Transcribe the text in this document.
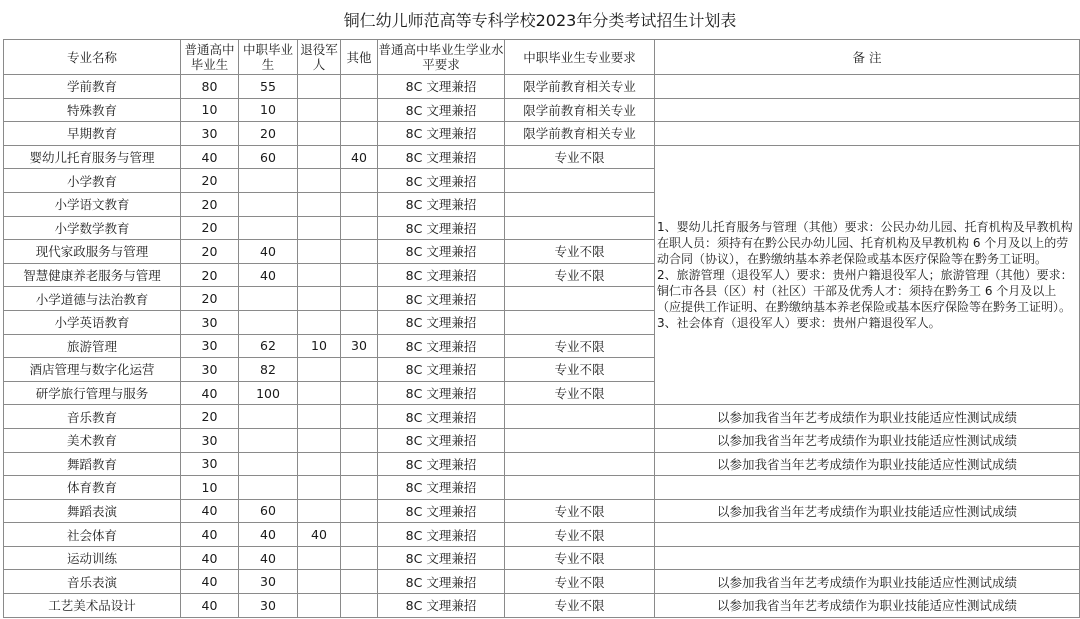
铜仁幼儿师范高等专科学校2023年分类考试招生计划表
专业名称	普通高中毕业生	中职毕业生	退役军人	其他	普通高中毕业生学业水平要求	中职毕业生专业要求	备 注
学前教育	80	55			8C 文理兼招	限学前教育相关专业	
特殊教育	10	10			8C 文理兼招	限学前教育相关专业	
早期教育	30	20			8C 文理兼招	限学前教育相关专业	
婴幼儿托育服务与管理	40	60		40	8C 文理兼招	专业不限	1、婴幼儿托育服务与管理（其他）要求：公民办幼儿园、托育机构及早教机构在职人员：须持有在黔公民办幼儿园、托育机构及早教机构 6 个月及以上的劳动合同（协议），在黔缴纳基本养老保险或基本医疗保险等在黔务工证明。

2、旅游管理（退役军人）要求：贵州户籍退役军人；旅游管理（其他）要求：铜仁市各县（区）村（社区）干部及优秀人才：须持在黔务工 6 个月及以上（应提供工作证明、在黔缴纳基本养老保险或基本医疗保险等在黔务工证明）。

3、社会体育（退役军人）要求：贵州户籍退役军人。

小学教育	20				8C 文理兼招		
小学语文教育	20				8C 文理兼招		
小学数学教育	20				8C 文理兼招		
现代家政服务与管理	20	40			8C 文理兼招	专业不限	
智慧健康养老服务与管理	20	40			8C 文理兼招	专业不限	
小学道德与法治教育	20				8C 文理兼招		
小学英语教育	30				8C 文理兼招		
旅游管理	30	62	10	30	8C 文理兼招	专业不限	
酒店管理与数字化运营	30	82			8C 文理兼招	专业不限	
研学旅行管理与服务	40	100			8C 文理兼招	专业不限	
音乐教育	20				8C 文理兼招		以参加我省当年艺考成绩作为职业技能适应性测试成绩
美术教育	30				8C 文理兼招		以参加我省当年艺考成绩作为职业技能适应性测试成绩
舞蹈教育	30				8C 文理兼招		以参加我省当年艺考成绩作为职业技能适应性测试成绩
体育教育	10				8C 文理兼招		
舞蹈表演	40	60			8C 文理兼招	专业不限	以参加我省当年艺考成绩作为职业技能适应性测试成绩
社会体育	40	40	40		8C 文理兼招	专业不限	
运动训练	40	40			8C 文理兼招	专业不限	
音乐表演	40	30			8C 文理兼招	专业不限	以参加我省当年艺考成绩作为职业技能适应性测试成绩
工艺美术品设计	40	30			8C 文理兼招	专业不限	以参加我省当年艺考成绩作为职业技能适应性测试成绩
